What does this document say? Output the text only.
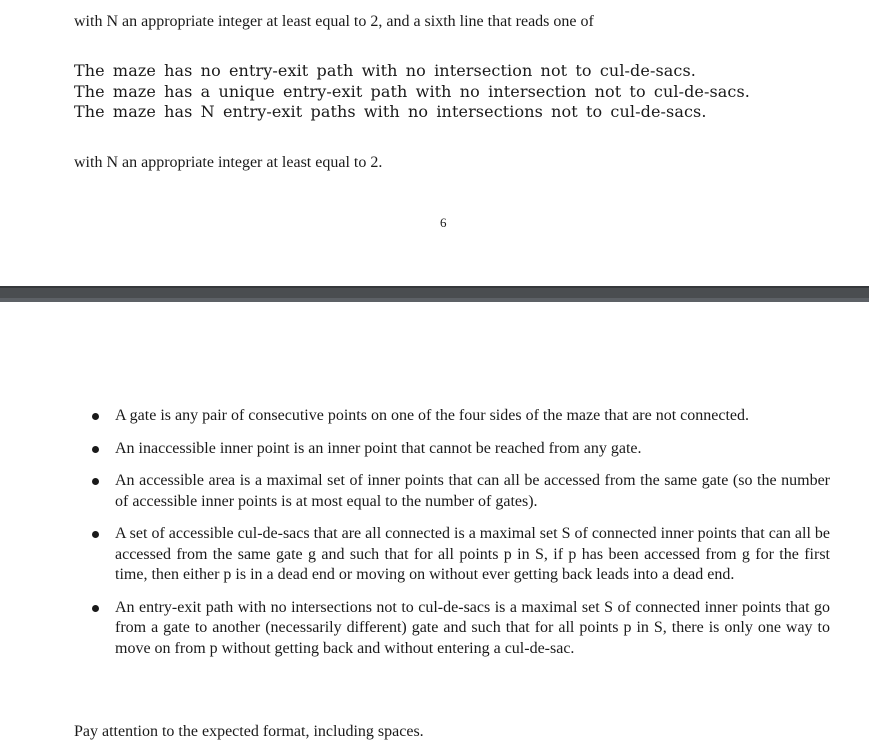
with N an appropriate integer at least equal to 2, and a sixth line that reads one of
The maze has no entry-exit path with no intersection not to cul-de-sacs.
The maze has a unique entry-exit path with no intersection not to cul-de-sacs.
The maze has N entry-exit paths with no intersections not to cul-de-sacs.
with N an appropriate integer at least equal to 2.
6
A gate is any pair of consecutive points on one of the four sides of the maze that are not connected.
An inaccessible inner point is an inner point that cannot be reached from any gate.
An accessible area is a maximal set of inner points that can all be accessed from the same gate (so the number of accessible inner points is at most equal to the number of gates).
A set of accessible cul-de-sacs that are all connected is a maximal set S of connected inner points that can all be accessed from the same gate g and such that for all points p in S, if p has been accessed from g for the first time, then either p is in a dead end or moving on without ever getting back leads into a dead end.
An entry-exit path with no intersections not to cul-de-sacs is a maximal set S of connected inner points that go from a gate to another (necessarily different) gate and such that for all points p in S, there is only one way to move on from p without getting back and without entering a cul-de-sac.
Pay attention to the expected format, including spaces.
